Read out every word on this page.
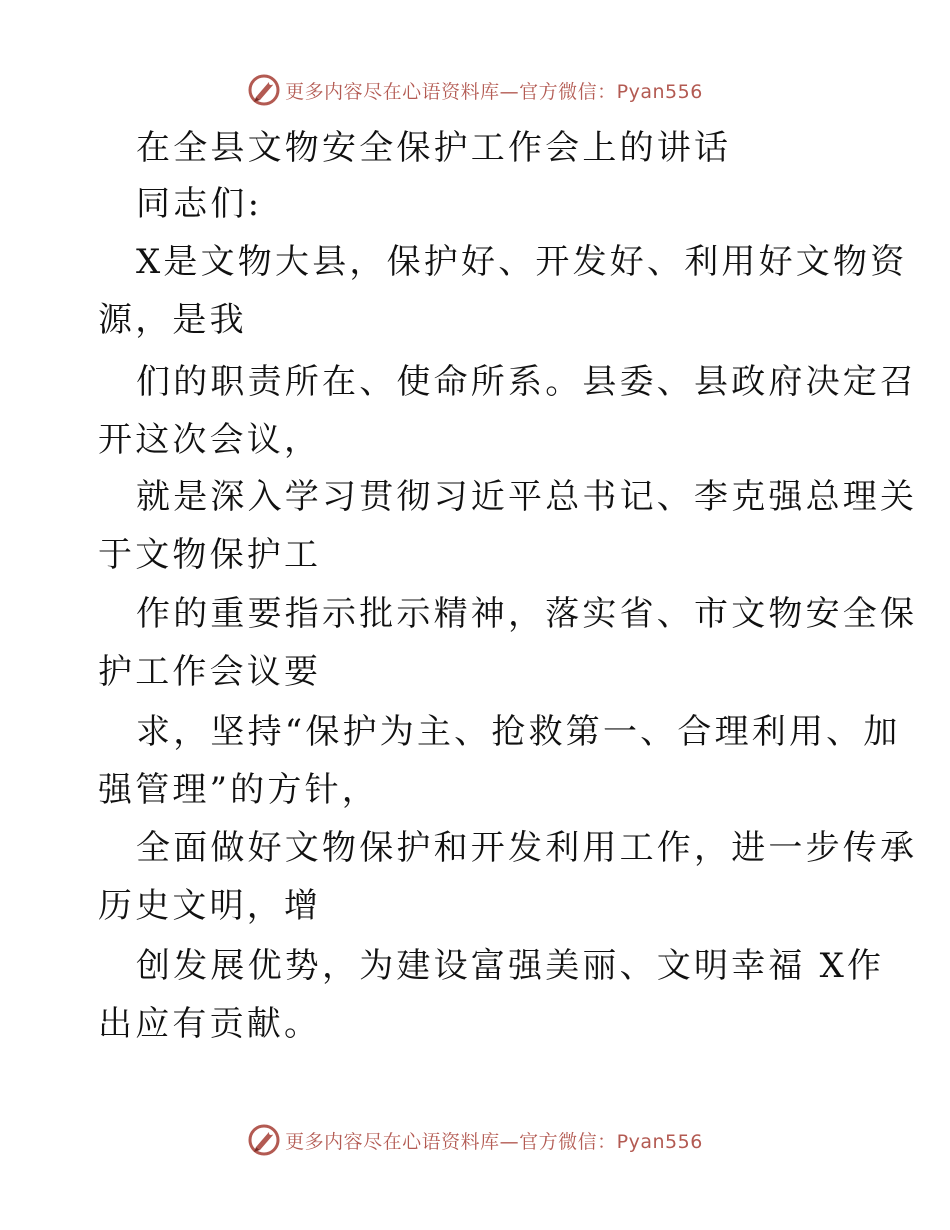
更多内容尽在心语资料库—官方微信：Pyan556
在全县文物安全保护工作会上的讲话
同志们:
X是文物大县，保护好、开发好、利用好文物资
源，是我
们的职责所在、使命所系。县委、县政府决定召
开这次会议，
就是深入学习贯彻习近平总书记、李克强总理关
于文物保护工
作的重要指示批示精神，落实省、市文物安全保
护工作会议要
求，坚持“保护为主、抢救第一、合理利用、加
强管理”的方针，
全面做好文物保护和开发利用工作，进一步传承
历史文明，增
创发展优势，为建设富强美丽、文明幸福 X作
出应有贡献。
更多内容尽在心语资料库—官方微信：Pyan556
